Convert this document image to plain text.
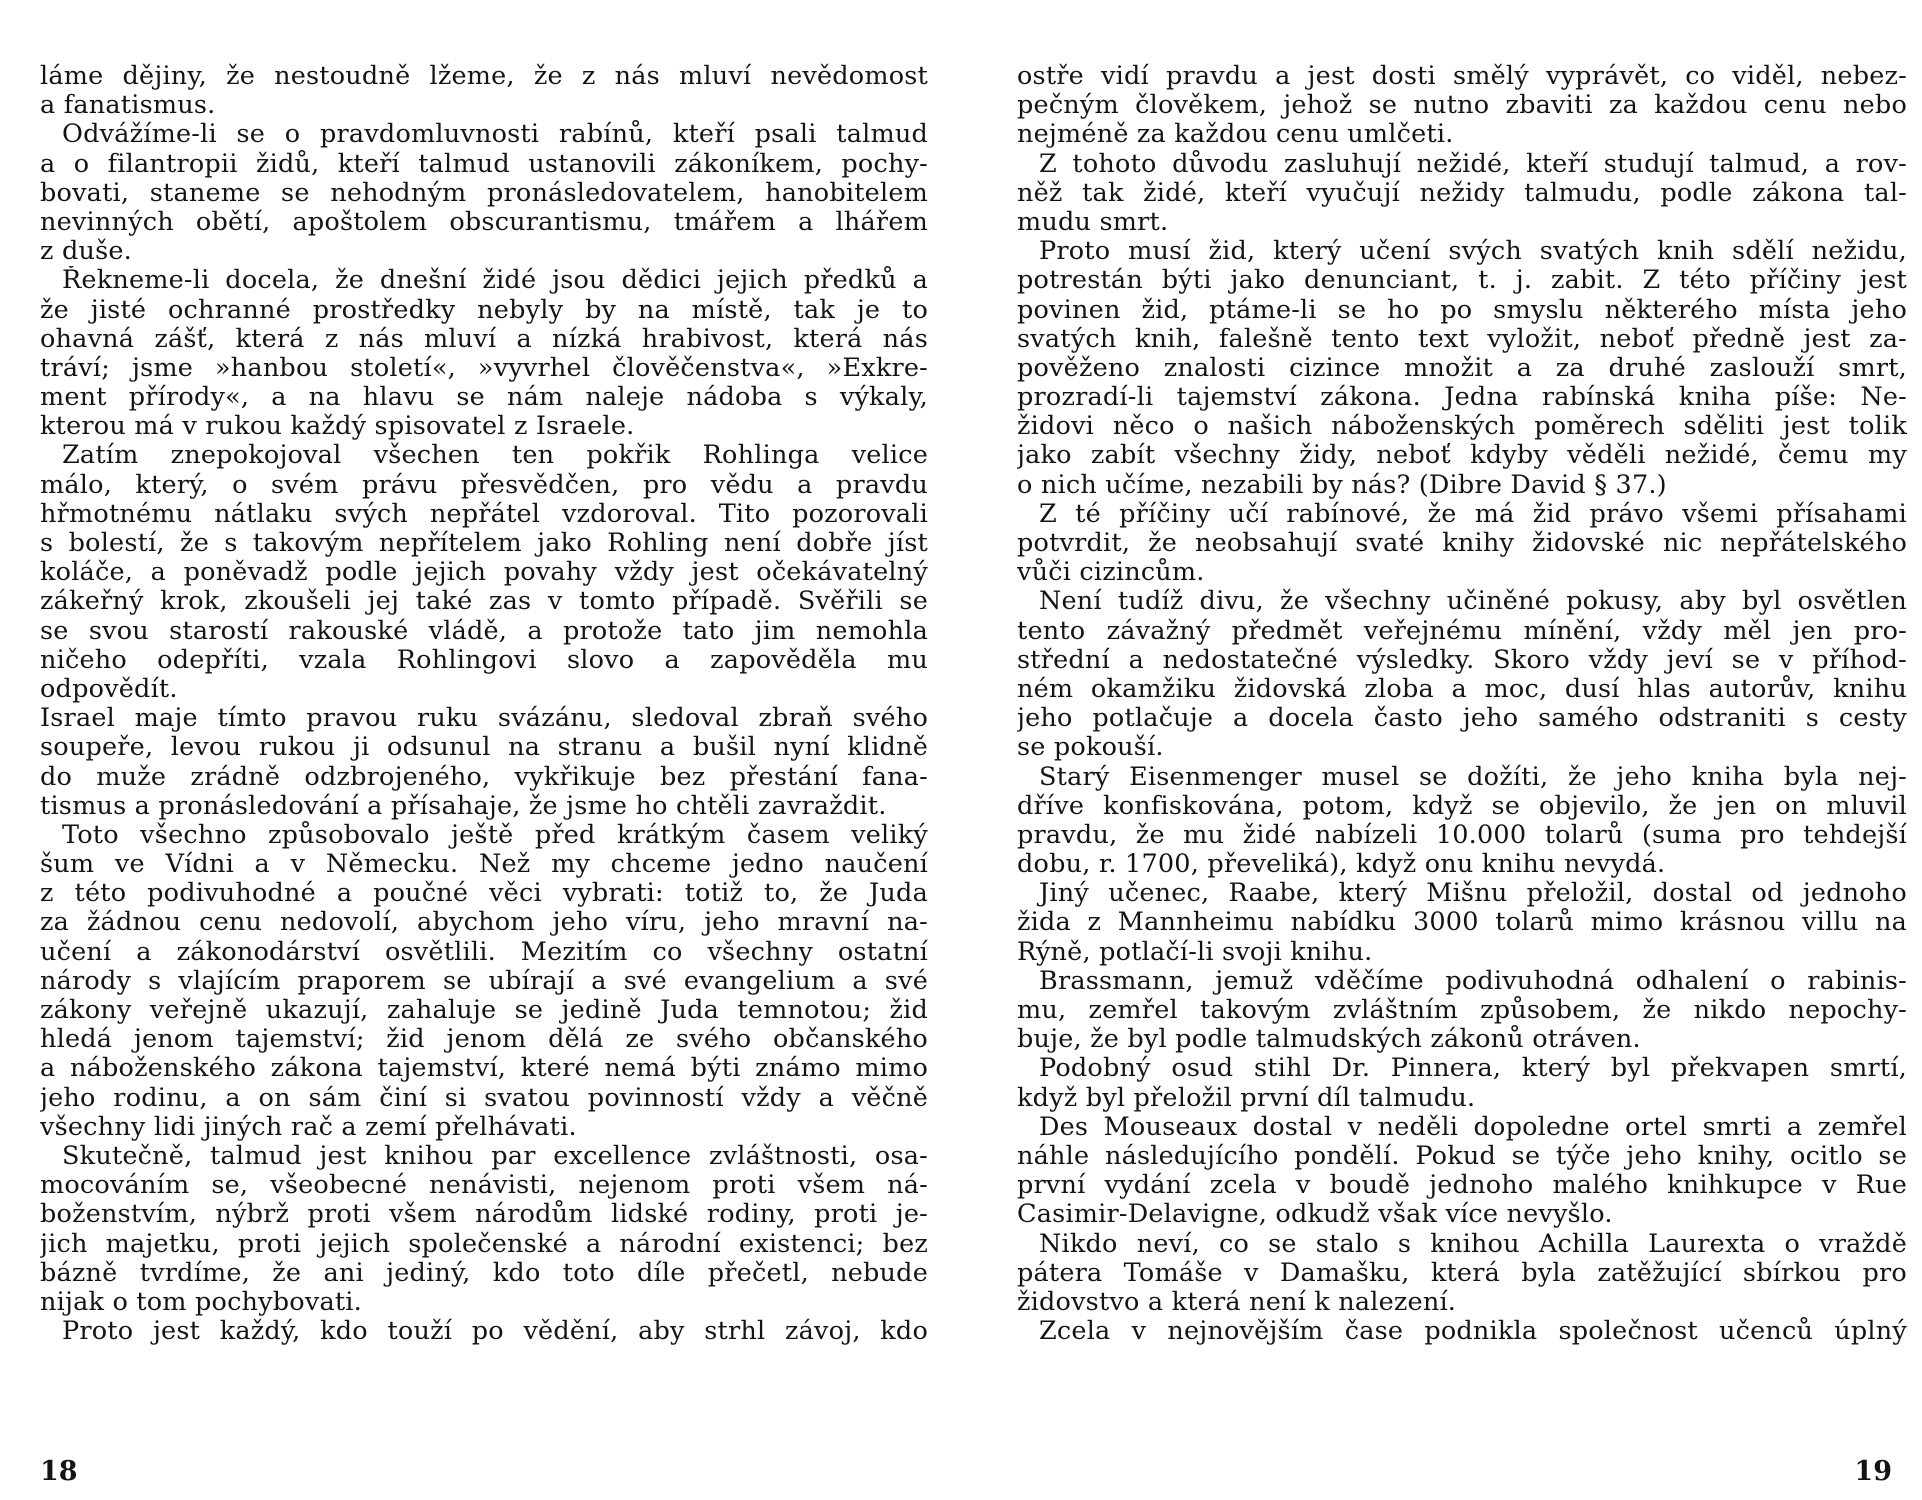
láme dějiny, že nestoudně lžeme, že z nás mluví nevědomost
a fanatismus.
Odvážíme-li se o pravdomluvnosti rabínů, kteří psali talmud
a o filantropii židů, kteří talmud ustanovili zákoníkem, pochy-
bovati, staneme se nehodným pronásledovatelem, hanobitelem
nevinných obětí, apoštolem obscurantismu, tmářem a lhářem
z duše.
Řekneme-li docela, že dnešní židé jsou dědici jejich předků a
že jisté ochranné prostředky nebyly by na místě, tak je to
ohavná zášť, která z nás mluví a nízká hrabivost, která nás
tráví; jsme »hanbou století«, »vyvrhel člověčenstva«, »Exkre-
ment přírody«, a na hlavu se nám naleje nádoba s výkaly,
kterou má v rukou každý spisovatel z Israele.
Zatím znepokojoval všechen ten pokřik Rohlinga velice
málo, který, o svém právu přesvědčen, pro vědu a pravdu
hřmotnému nátlaku svých nepřátel vzdoroval. Tito pozorovali
s bolestí, že s takovým nepřítelem jako Rohling není dobře jíst
koláče, a poněvadž podle jejich povahy vždy jest očekávatelný
zákeřný krok, zkoušeli jej také zas v tomto případě. Svěřili se
se svou starostí rakouské vládě, a protože tato jim nemohla
ničeho odepříti, vzala Rohlingovi slovo a zapověděla mu
odpovědít.
Israel maje tímto pravou ruku svázánu, sledoval zbraň svého
soupeře, levou rukou ji odsunul na stranu a bušil nyní klidně
do muže zrádně odzbrojeného, vykřikuje bez přestání fana-
tismus a pronásledování a přísahaje, že jsme ho chtěli zavraždit.
Toto všechno způsobovalo ještě před krátkým časem veliký
šum ve Vídni a v Německu. Než my chceme jedno naučení
z této podivuhodné a poučné věci vybrati: totiž to, že Juda
za žádnou cenu nedovolí, abychom jeho víru, jeho mravní na-
učení a zákonodárství osvětlili. Mezitím co všechny ostatní
národy s vlajícím praporem se ubírají a své evangelium a své
zákony veřejně ukazují, zahaluje se jedině Juda temnotou; žid
hledá jenom tajemství; žid jenom dělá ze svého občanského
a náboženského zákona tajemství, které nemá býti známo mimo
jeho rodinu, a on sám činí si svatou povinností vždy a věčně
všechny lidi jiných rač a zemí přelhávati.
Skutečně, talmud jest knihou par excellence zvláštnosti, osa-
mocováním se, všeobecné nenávisti, nejenom proti všem ná-
boženstvím, nýbrž proti všem národům lidské rodiny, proti je-
jich majetku, proti jejich společenské a národní existenci; bez
bázně tvrdíme, že ani jediný, kdo toto díle přečetl, nebude
nijak o tom pochybovati.
Proto jest každý, kdo touží po vědění, aby strhl závoj, kdo
18
ostře vidí pravdu a jest dosti smělý vyprávět, co viděl, nebez-
pečným člověkem, jehož se nutno zbaviti za každou cenu nebo
nejméně za každou cenu umlčeti.
Z tohoto důvodu zasluhují nežidé, kteří studují talmud, a rov-
něž tak židé, kteří vyučují nežidy talmudu, podle zákona tal-
mudu smrt.
Proto musí žid, který učení svých svatých knih sdělí nežidu,
potrestán býti jako denunciant, t. j. zabit. Z této příčiny jest
povinen žid, ptáme-li se ho po smyslu některého místa jeho
svatých knih, falešně tento text vyložit, neboť předně jest za-
pověženo znalosti cizince množit a za druhé zaslouží smrt,
prozradí-li tajemství zákona. Jedna rabínská kniha píše: Ne-
židovi něco o našich náboženských poměrech sděliti jest tolik
jako zabít všechny židy, neboť kdyby věděli nežidé, čemu my
o nich učíme, nezabili by nás? (Dibre David § 37.)
Z té příčiny učí rabínové, že má žid právo všemi přísahami
potvrdit, že neobsahují svaté knihy židovské nic nepřátelského
vůči cizincům.
Není tudíž divu, že všechny učiněné pokusy, aby byl osvětlen
tento závažný předmět veřejnému mínění, vždy měl jen pro-
střední a nedostatečné výsledky. Skoro vždy jeví se v příhod-
ném okamžiku židovská zloba a moc, dusí hlas autorův, knihu
jeho potlačuje a docela často jeho samého odstraniti s cesty
se pokouší.
Starý Eisenmenger musel se dožíti, že jeho kniha byla nej-
dříve konfiskována, potom, když se objevilo, že jen on mluvil
pravdu, že mu židé nabízeli 10.000 tolarů (suma pro tehdejší
dobu, r. 1700, převeliká), když onu knihu nevydá.
Jiný učenec, Raabe, který Mišnu přeložil, dostal od jednoho
žida z Mannheimu nabídku 3000 tolarů mimo krásnou villu na
Rýně, potlačí-li svoji knihu.
Brassmann, jemuž vděčíme podivuhodná odhalení o rabinis-
mu, zemřel takovým zvláštním způsobem, že nikdo nepochy-
buje, že byl podle talmudských zákonů otráven.
Podobný osud stihl Dr. Pinnera, který byl překvapen smrtí,
když byl přeložil první díl talmudu.
Des Mouseaux dostal v neděli dopoledne ortel smrti a zemřel
náhle následujícího pondělí. Pokud se týče jeho knihy, ocitlo se
první vydání zcela v boudě jednoho malého knihkupce v Rue
Casimir-Delavigne, odkudž však více nevyšlo.
Nikdo neví, co se stalo s knihou Achilla Laurexta o vraždě
pátera Tomáše v Damašku, která byla zatěžující sbírkou pro
židovstvo a která není k nalezení.
Zcela v nejnovějším čase podnikla společnost učenců úplný
19
